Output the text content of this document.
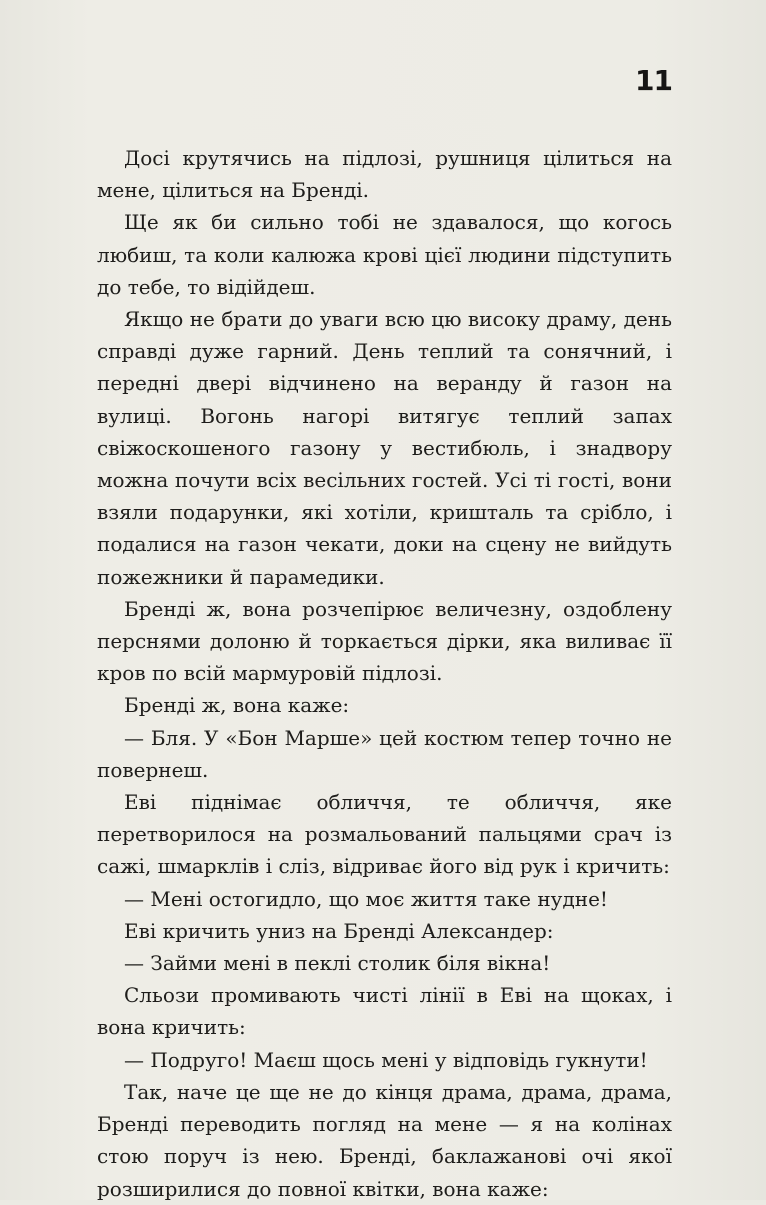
11

Досі крутячись на підлозі, рушниця цілиться на мене, цілиться на Бренді.

Ще як би сильно тобі не здавалося, що когось любиш, та коли калюжа крові цієї людини підступить до тебе, то відійдеш.

Якщо не брати до уваги всю цю високу драму, день справді дуже гарний. День теплий та сонячний, і передні двері відчинено на веранду й газон на вулиці. Вогонь нагорі витягує теплий запах свіжоскошеного газону у вестибюль, і знадвору можна почути всіх весільних гостей. Усі ті гості, вони взяли подарунки, які хотіли, кришталь та срібло, і подалися на газон чекати, доки на сцену не вийдуть пожежники й парамедики.

Бренді ж, вона розчепірює величезну, оздоблену перснями долоню й торкається дірки, яка виливає її кров по всій мармуровій підлозі.

Бренді ж, вона каже:

— Бля. У «Бон Марше» цей костюм тепер точно не повернеш.

Еві піднімає обличчя, те обличчя, яке перетворилося на розмальований пальцями срач із сажі, шмарклів і сліз, відриває його від рук і кричить:

— Мені остогидло, що моє життя таке нудне!

Еві кричить униз на Бренді Александер:

— Займи мені в пеклі столик біля вікна!

Сльози промивають чисті лінії в Еві на щоках, і вона кричить:

— Подруго! Маєш щось мені у відповідь гукнути!

Так, наче це ще не до кінця драма, драма, драма, Бренді переводить погляд на мене — я на колінах стою поруч із нею. Бренді, баклажанові очі якої розширилися до повної квітки, вона каже:
